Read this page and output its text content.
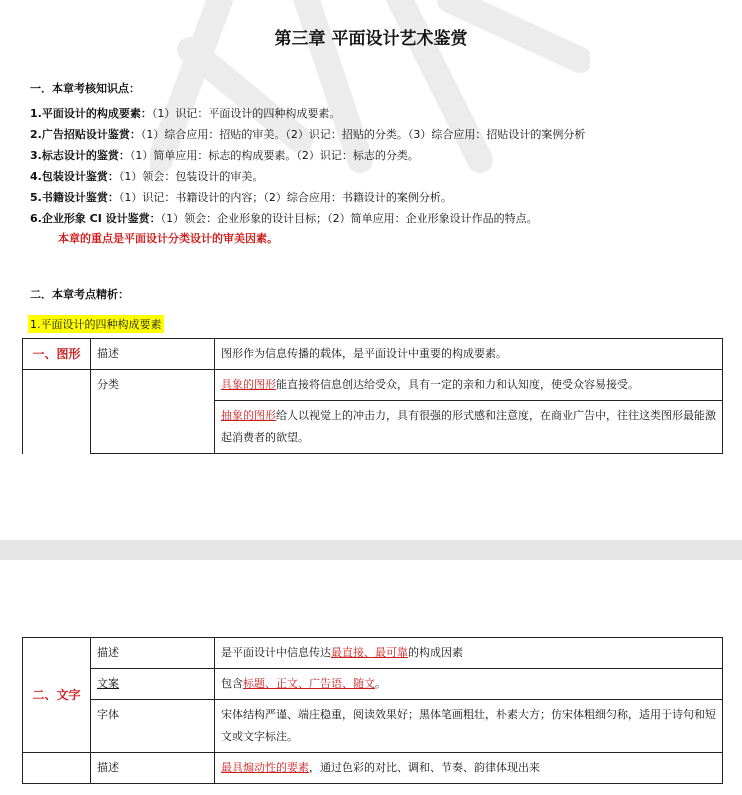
第三章 平面设计艺术鉴赏
一．本章考核知识点：
1.平面设计的构成要素：（1）识记：平面设计的四种构成要素。
2.广告招贴设计鉴赏：（1）综合应用：招贴的审美。（2）识记：招贴的分类。（3）综合应用：招贴设计的案例分析
3.标志设计的鉴赏：（1）简单应用：标志的构成要素。（2）识记：标志的分类。
4.包装设计鉴赏：（1）领会：包装设计的审美。
5.书籍设计鉴赏：（1）识记：书籍设计的内容；（2）综合应用：书籍设计的案例分析。
6.企业形象 CI 设计鉴赏：（1）领会：企业形象的设计目标；（2）简单应用：企业形象设计作品的特点。
本章的重点是平面设计分类设计的审美因素。
二．本章考点精析：
1.平面设计的四种构成要素
一、图形	描述	图形作为信息传播的载体，是平面设计中重要的构成要素。
	分类	具象的图形能直接将信息创达给受众，具有一定的亲和力和认知度，使受众容易接受。
		抽象的图形给人以视觉上的冲击力，具有很强的形式感和注意度，在商业广告中，往往这类图形最能激起消费者的欲望。
二、文字	描述	是平面设计中信息传达最直接、最可靠的构成因素
	文案	包含标题、正文、广告语、随文。
	字体	宋体结构严谨、端庄稳重，阅读效果好；黑体笔画粗壮，朴素大方；仿宋体粗细匀称，适用于诗句和短文或文字标注。
	描述	最具煽动性的要素，通过色彩的对比、调和、节奏、韵律体现出来
